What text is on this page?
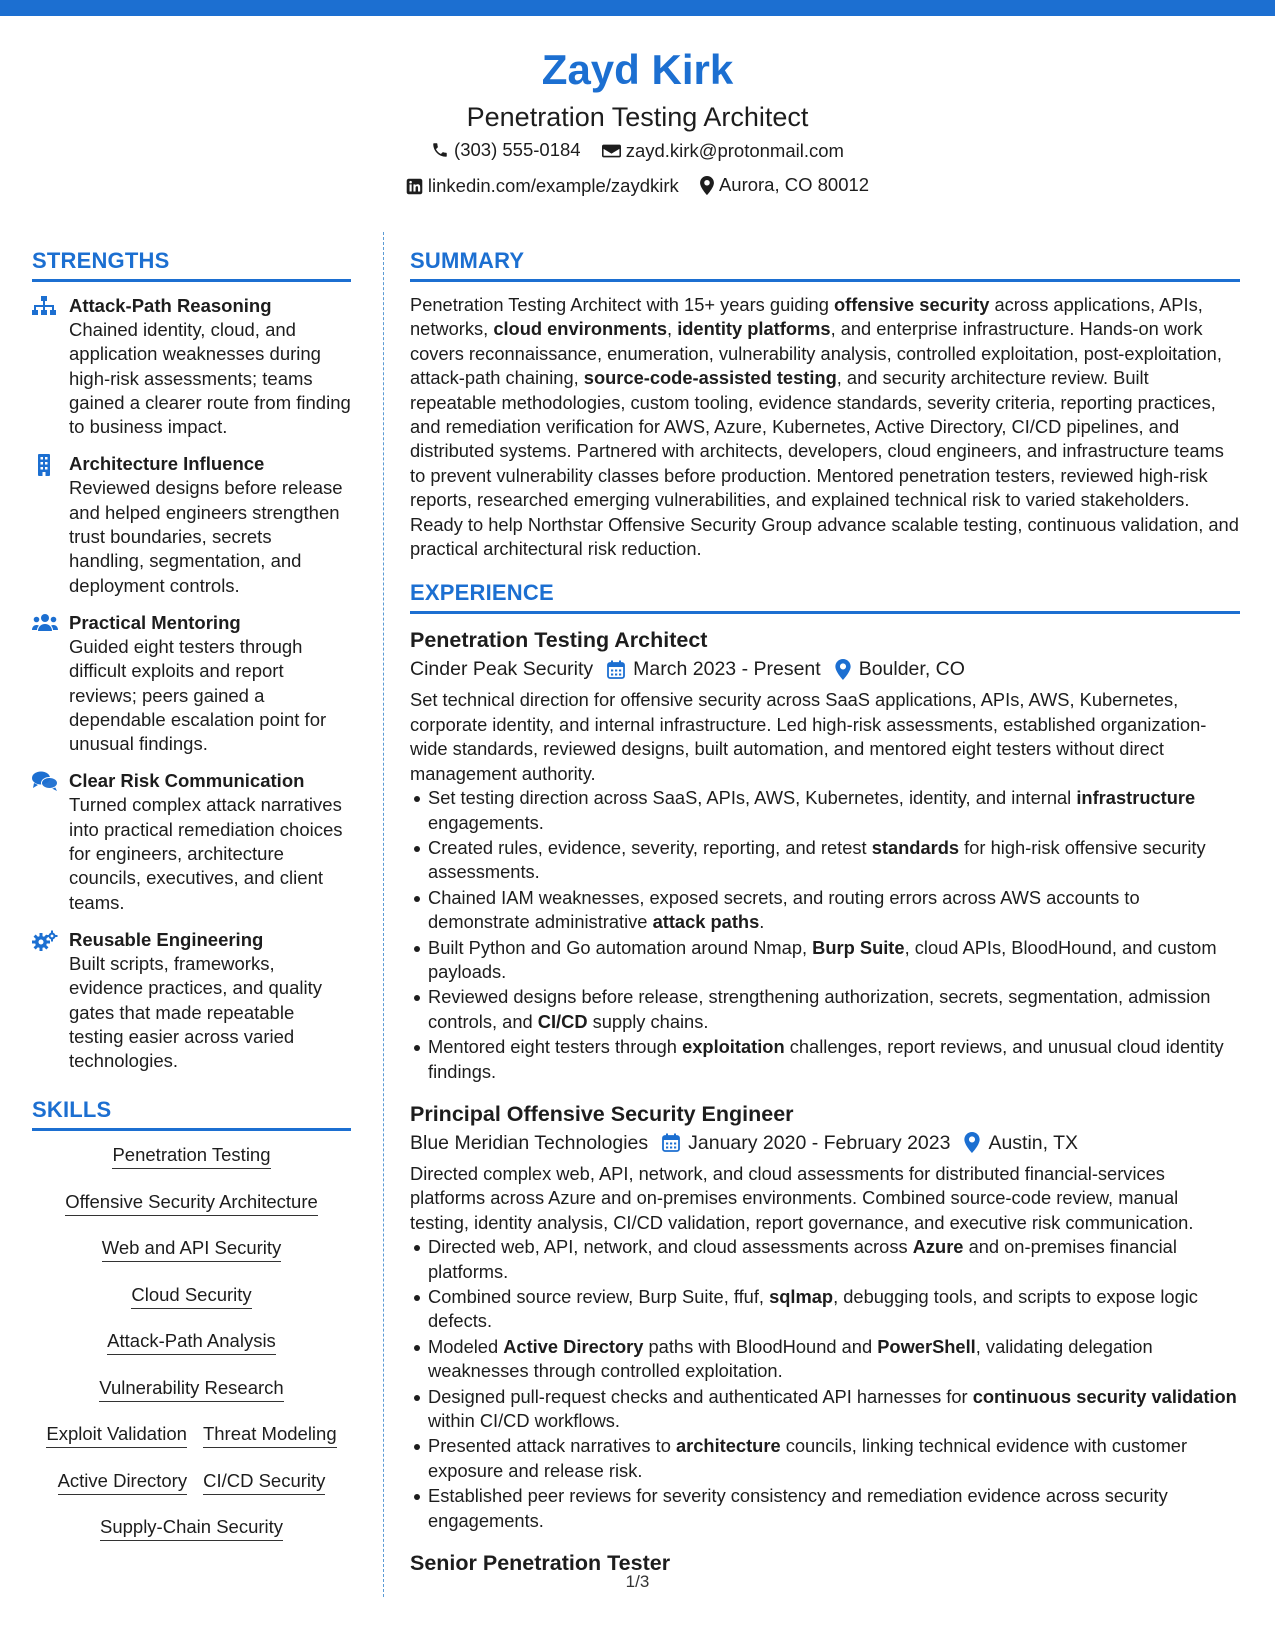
Zayd Kirk
Penetration Testing Architect
(303) 555-0184
zayd.kirk@protonmail.com
linkedin.com/example/zaydkirk
Aurora, CO 80012
STRENGTHS
Attack-Path Reasoning
Chained identity, cloud, and application weaknesses during high-risk assessments; teams gained a clearer route from finding to business impact.
Architecture Influence
Reviewed designs before release and helped engineers strengthen trust boundaries, secrets handling, segmentation, and deployment controls.
Practical Mentoring
Guided eight testers through difficult exploits and report reviews; peers gained a dependable escalation point for unusual findings.
Clear Risk Communication
Turned complex attack narratives into practical remediation choices for engineers, architecture councils, executives, and client teams.
Reusable Engineering
Built scripts, frameworks, evidence practices, and quality gates that made repeatable testing easier across varied technologies.
SKILLS
Penetration Testing
Offensive Security Architecture
Web and API Security
Cloud Security
Attack-Path Analysis
Vulnerability Research
Exploit Validation Threat Modeling
Active Directory CI/CD Security
Supply-Chain Security
SUMMARY
Penetration Testing Architect with 15+ years guiding offensive security across applications, APIs, networks, cloud environments, identity platforms, and enterprise infrastructure. Hands-on work covers reconnaissance, enumeration, vulnerability analysis, controlled exploitation, post-exploitation, attack-path chaining, source-code-assisted testing, and security architecture review. Built repeatable methodologies, custom tooling, evidence standards, severity criteria, reporting practices, and remediation verification for AWS, Azure, Kubernetes, Active Directory, CI/CD pipelines, and distributed systems. Partnered with architects, developers, cloud engineers, and infrastructure teams to prevent vulnerability classes before production. Mentored penetration testers, reviewed high-risk reports, researched emerging vulnerabilities, and explained technical risk to varied stakeholders. Ready to help Northstar Offensive Security Group advance scalable testing, continuous validation, and practical architectural risk reduction.
EXPERIENCE
Penetration Testing Architect
Cinder Peak Security March 2023 - Present Boulder, CO
Set technical direction for offensive security across SaaS applications, APIs, AWS, Kubernetes, corporate identity, and internal infrastructure. Led high-risk assessments, established organization-wide standards, reviewed designs, built automation, and mentored eight testers without direct management authority.
Set testing direction across SaaS, APIs, AWS, Kubernetes, identity, and internal infrastructure engagements.
Created rules, evidence, severity, reporting, and retest standards for high-risk offensive security assessments.
Chained IAM weaknesses, exposed secrets, and routing errors across AWS accounts to demonstrate administrative attack paths.
Built Python and Go automation around Nmap, Burp Suite, cloud APIs, BloodHound, and custom payloads.
Reviewed designs before release, strengthening authorization, secrets, segmentation, admission controls, and CI/CD supply chains.
Mentored eight testers through exploitation challenges, report reviews, and unusual cloud identity findings.
Principal Offensive Security Engineer
Blue Meridian Technologies January 2020 - February 2023 Austin, TX
Directed complex web, API, network, and cloud assessments for distributed financial-services platforms across Azure and on-premises environments. Combined source-code review, manual testing, identity analysis, CI/CD validation, report governance, and executive risk communication.
Directed web, API, network, and cloud assessments across Azure and on-premises financial platforms.
Combined source review, Burp Suite, ffuf, sqlmap, debugging tools, and scripts to expose logic defects.
Modeled Active Directory paths with BloodHound and PowerShell, validating delegation weaknesses through controlled exploitation.
Designed pull-request checks and authenticated API harnesses for continuous security validation within CI/CD workflows.
Presented attack narratives to architecture councils, linking technical evidence with customer exposure and release risk.
Established peer reviews for severity consistency and remediation evidence across security engagements.
Senior Penetration Tester
1/3
